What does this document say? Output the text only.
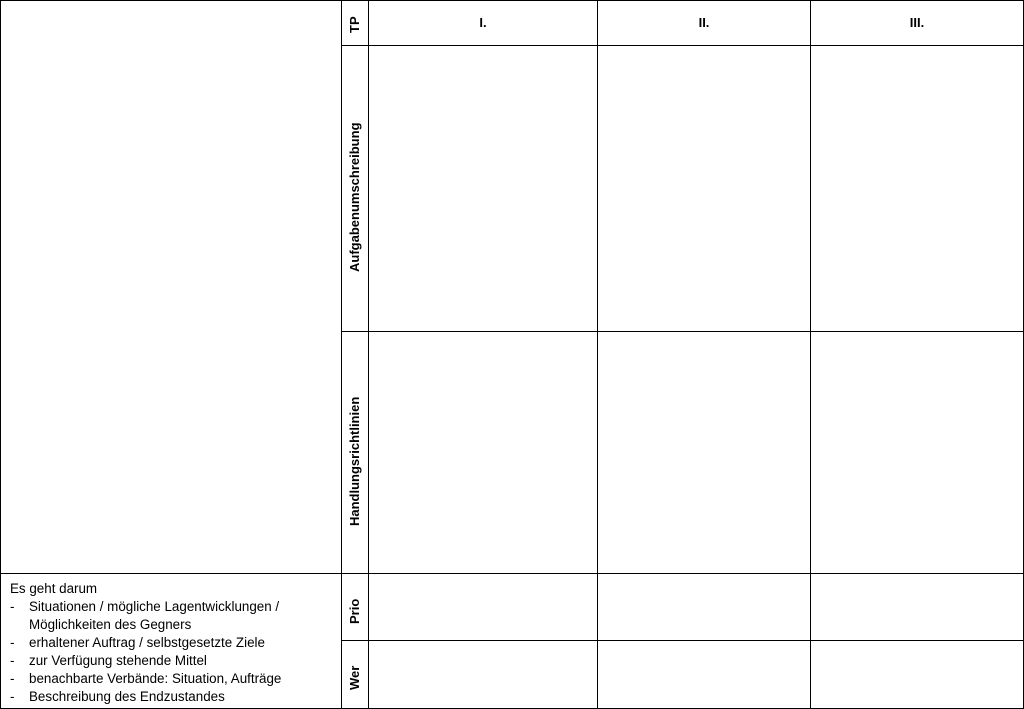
I.	II.	III.
TP
Aufgabenumschreibung
Handlungsrichtlinien
Prio
Wer
Es geht darum
- Situationen / mögliche Lagentwicklungen / Möglichkeiten des Gegners
- erhaltener Auftrag / selbstgesetzte Ziele
- zur Verfügung stehende Mittel
- benachbarte Verbände: Situation, Aufträge
- Beschreibung des Endzustandes
